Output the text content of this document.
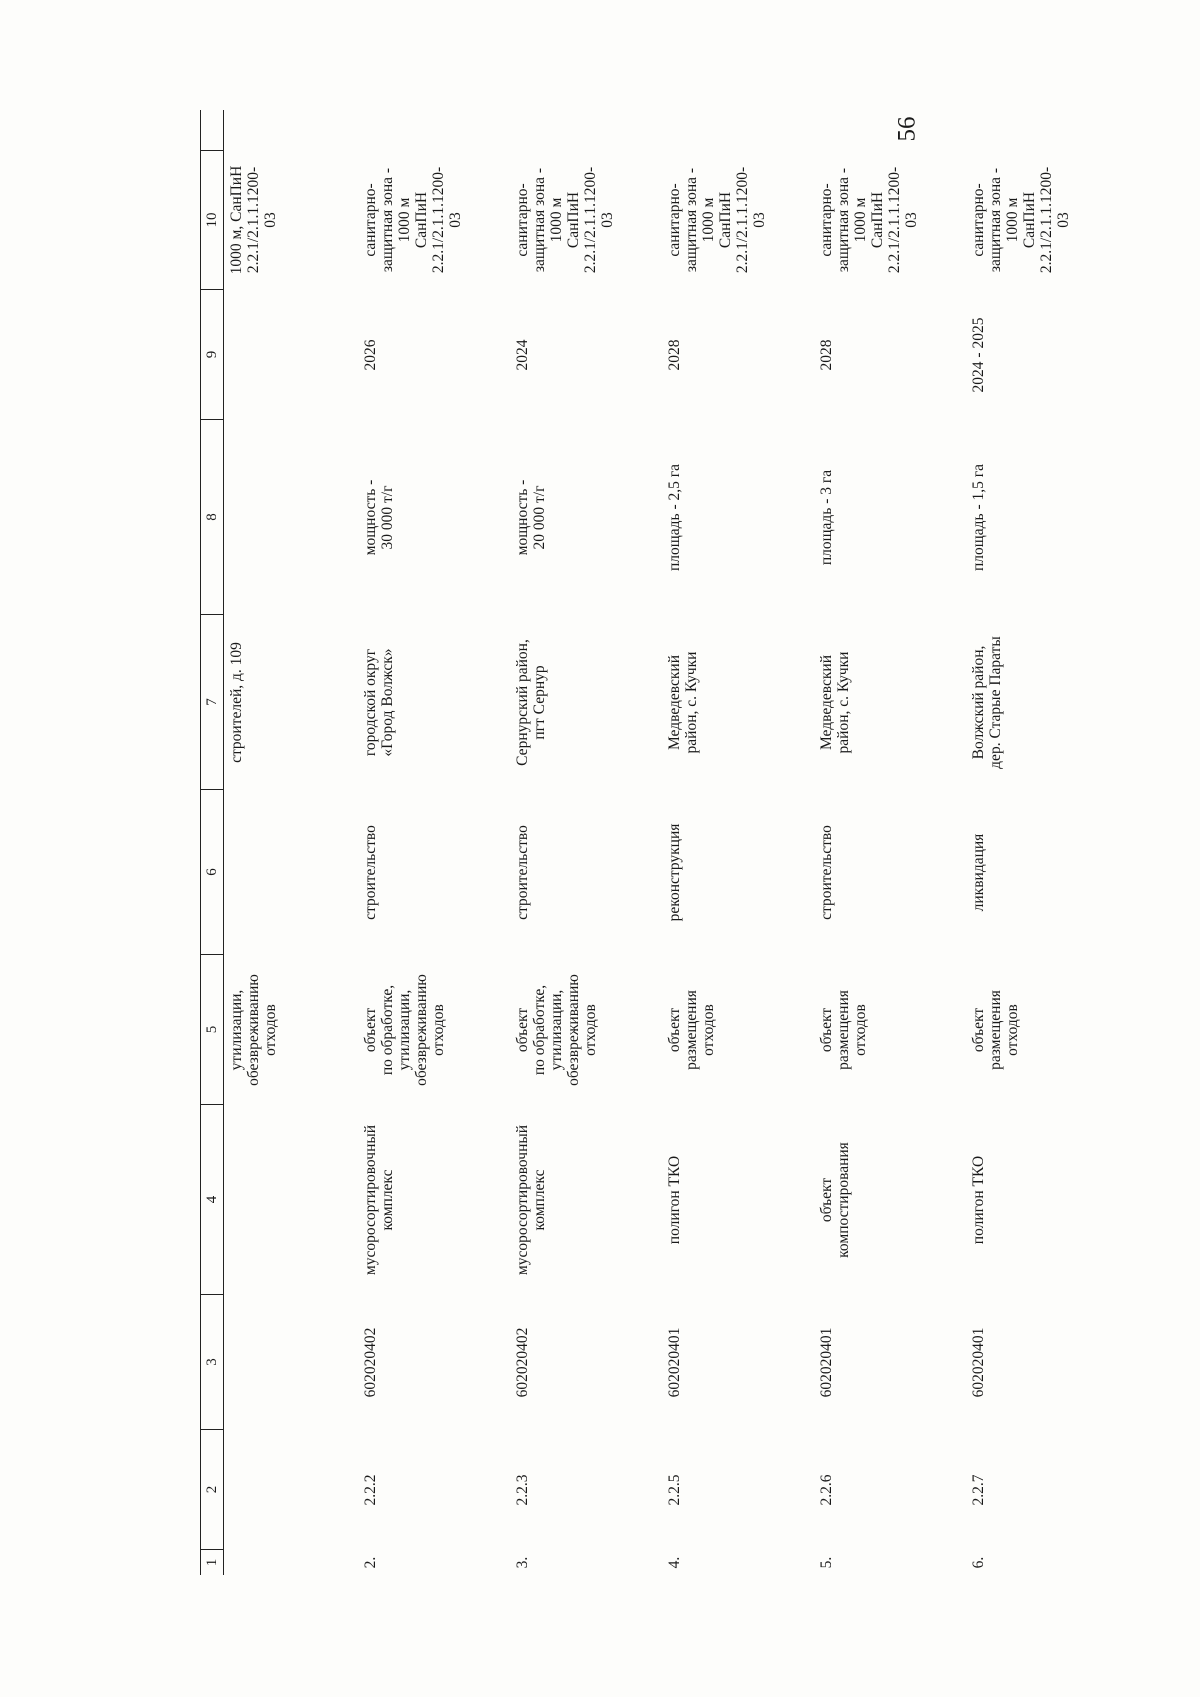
56
1
2
3
4
5
6
7
8
9
10
утилизации,
обезвреживанию
отходов
строителей, д. 109
1000 м, СанПиН
2.2.1/2.1.1.1200-
03
2.
2.2.2
602020402
мусоросортировочный
комплекс
объект
по обработке,
утилизации,
обезвреживанию
отходов
строительство
городской округ
«Город Волжск»
мощность -
30 000 т/г
2026
санитарно-
защитная зона -
1000 м
СанПиН
2.2.1/2.1.1.1200-
03
3.
2.2.3
602020402
мусоросортировочный
комплекс
объект
по обработке,
утилизации,
обезвреживанию
отходов
строительство
Сернурский район,
пгт Сернур
мощность -
20 000 т/г
2024
санитарно-
защитная зона -
1000 м
СанПиН
2.2.1/2.1.1.1200-
03
4.
2.2.5
602020401
полигон ТКО
объект
размещения
отходов
реконструкция
Медведевский
район, с. Кучки
площадь - 2,5 га
2028
санитарно-
защитная зона -
1000 м
СанПиН
2.2.1/2.1.1.1200-
03
5.
2.2.6
602020401
объект
компостирования
объект
размещения
отходов
строительство
Медведевский
район, с. Кучки
площадь - 3 га
2028
санитарно-
защитная зона -
1000 м
СанПиН
2.2.1/2.1.1.1200-
03
6.
2.2.7
602020401
полигон ТКО
объект
размещения
отходов
ликвидация
Волжский район,
дер. Старые Параты
площадь - 1,5 га
2024 - 2025
санитарно-
защитная зона -
1000 м
СанПиН
2.2.1/2.1.1.1200-
03
